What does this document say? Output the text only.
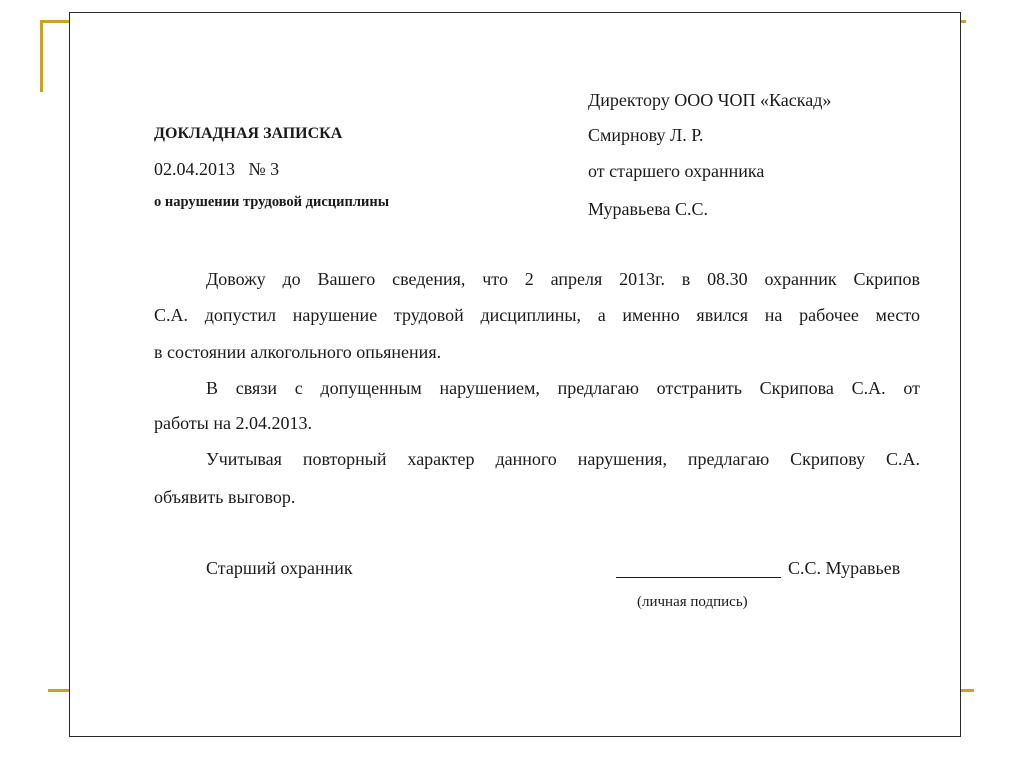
ДОКЛАДНАЯ ЗАПИСКА
02.04.2013   № 3
о нарушении трудовой дисциплины
Директору ООО ЧОП «Каскад»
Смирнову Л. Р.
от старшего охранника
Муравьева С.С.
Довожу до Вашего сведения, что 2 апреля 2013г. в 08.30 охранник Скрипов
С.А. допустил нарушение трудовой дисциплины, а именно явился на рабочее место
в состоянии алкогольного опьянения.
В связи с допущенным нарушением, предлагаю отстранить Скрипова С.А. от
работы на 2.04.2013.
Учитывая повторный характер данного нарушения, предлагаю Скрипову С.А.
объявить выговор.
Старший охранник	С.С. Муравьев
(личная подпись)
